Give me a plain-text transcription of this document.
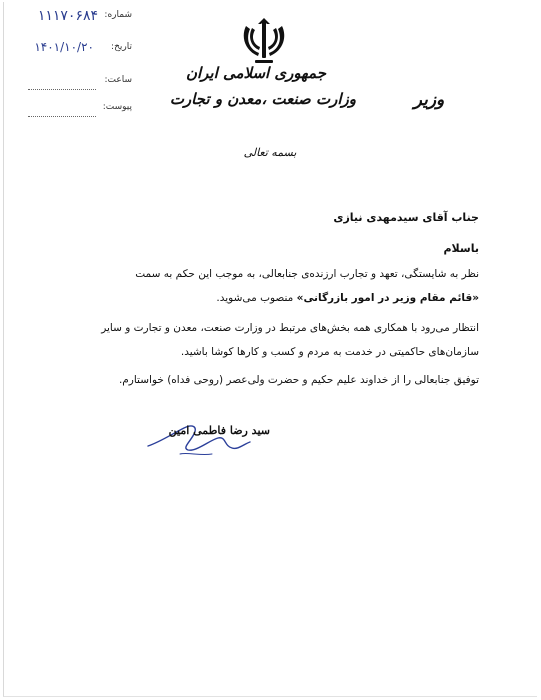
شماره:
۱۱۱۷۰۶۸۴
تاریخ:
۱۴۰۱/۱۰/۲۰
ساعت:
پیوست:
جمهوری اسلامی ایران
وزارت صنعت ،معدن و تجارت	وزیر
بسمه تعالی
جناب آقای سیدمهدی نیازی
باسلام

نظر به شایستگی، تعهد و تجارب ارزنده‌ی جنابعالی، به موجب این حکم به سمت

«قائم مقام وزیر در امور بازرگانی» منصوب می‌شوید.

انتظار می‌رود با همکاری همه بخش‌های مرتبط در وزارت صنعت، معدن و تجارت و سایر

سازمان‌های حاکمیتی در خدمت به مردم و کسب و کارها کوشا باشید.

توفیق جنابعالی را از خداوند علیم حکیم و حضرت ولی‌عصر (روحی فداه) خواستارم.
سید رضا فاطمی امین
